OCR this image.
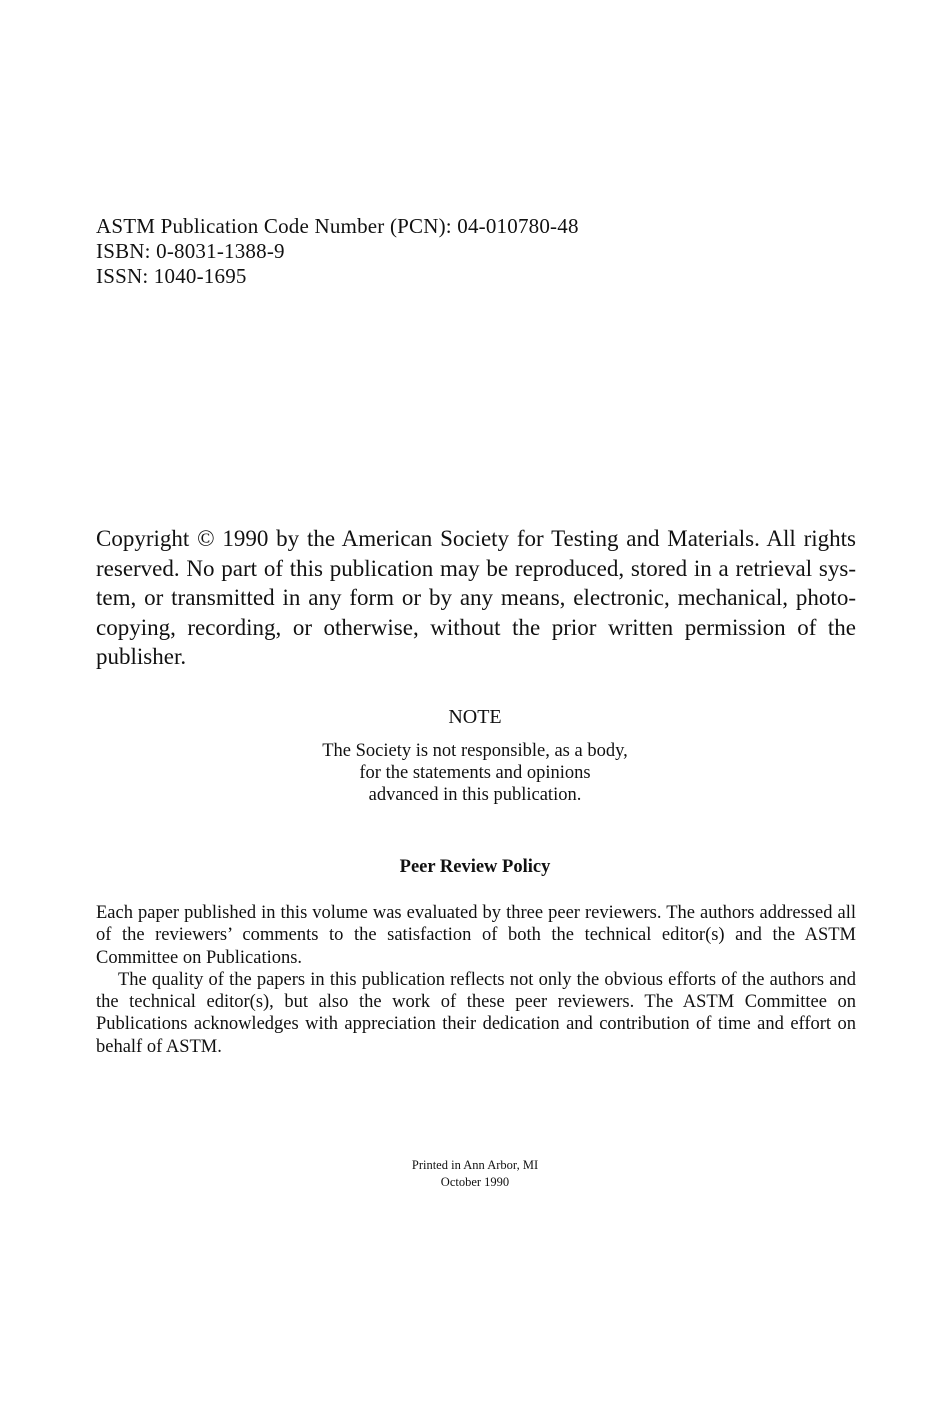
ASTM Publication Code Number (PCN): 04-010780-48
ISBN: 0-8031-1388-9
ISSN: 1040-1695
Copyright © 1990 by the American Society for Testing and Materials. All rights reserved. No part of this publication may be reproduced, stored in a retrieval system, or transmitted in any form or by any means, electronic, mechanical, photocopying, recording, or otherwise, without the prior written permission of the publisher.
NOTE
The Society is not responsible, as a body,
for the statements and opinions
advanced in this publication.
Peer Review Policy

Each paper published in this volume was evaluated by three peer reviewers. The authors addressed all of the reviewers’ comments to the satisfaction of both the technical editor(s) and the ASTM Committee on Publications.

The quality of the papers in this publication reflects not only the obvious efforts of the authors and the technical editor(s), but also the work of these peer reviewers. The ASTM Committee on Publications acknowledges with appreciation their dedication and contribution of time and effort on behalf of ASTM.

Printed in Ann Arbor, MI
October 1990
